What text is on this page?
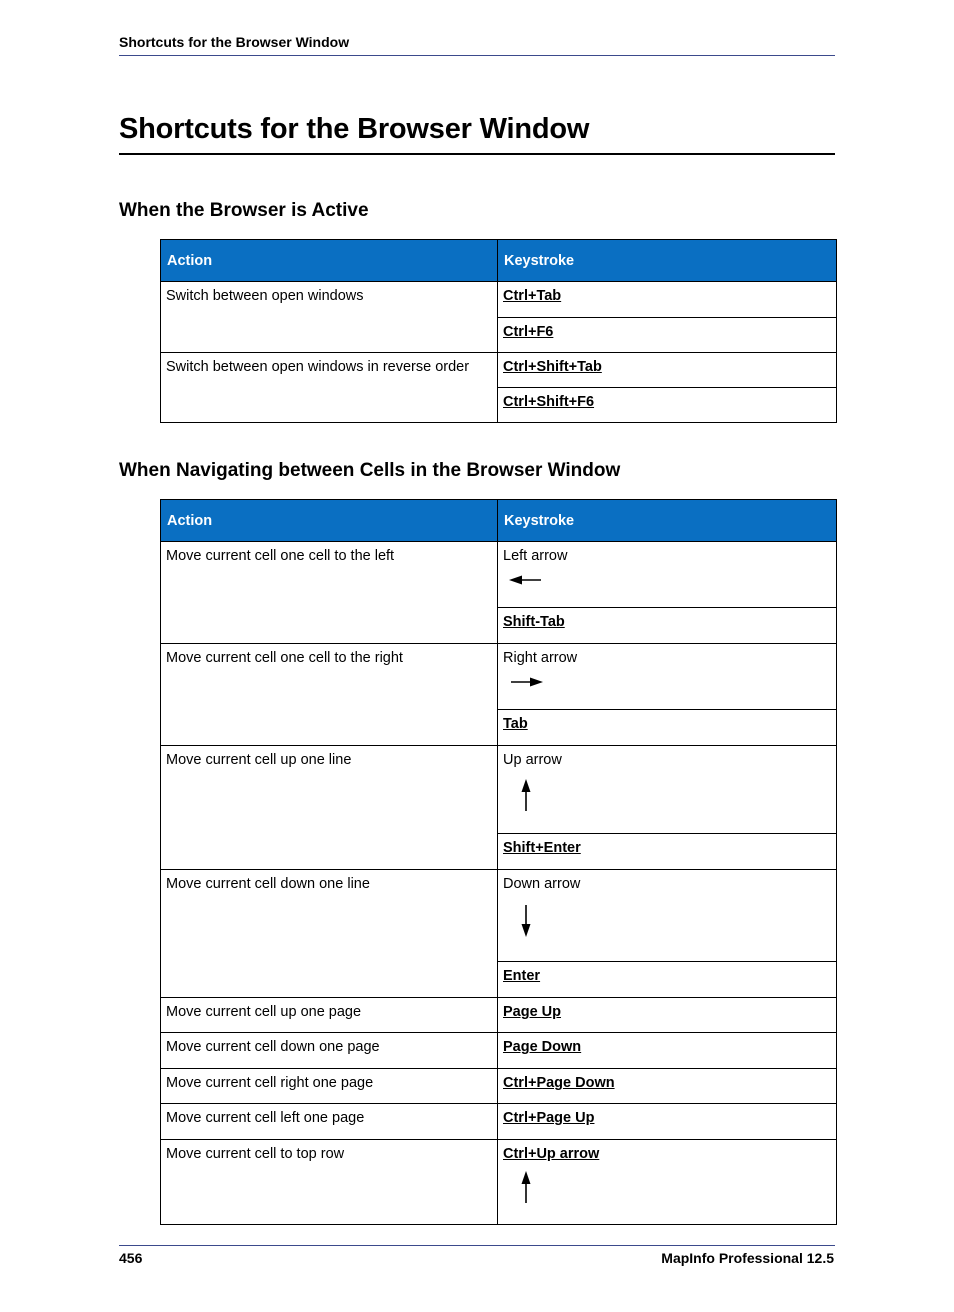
Shortcuts for the Browser Window
Shortcuts for the Browser Window
When the Browser is Active
Action	Keystroke
Switch between open windows	Ctrl+Tab
	Ctrl+F6
Switch between open windows in reverse order	Ctrl+Shift+Tab
	Ctrl+Shift+F6
When Navigating between Cells in the Browser Window
Action	Keystroke
Move current cell one cell to the left	Left arrow

	Shift-Tab
Move current cell one cell to the right	Right arrow

	Tab
Move current cell up one line	Up arrow

	Shift+Enter
Move current cell down one line	Down arrow

	Enter
Move current cell up one page	Page Up
Move current cell down one page	Page Down
Move current cell right one page	Ctrl+Page Down
Move current cell left one page	Ctrl+Page Up
Move current cell to top row	Ctrl+Up arrow
456	MapInfo Professional 12.5
